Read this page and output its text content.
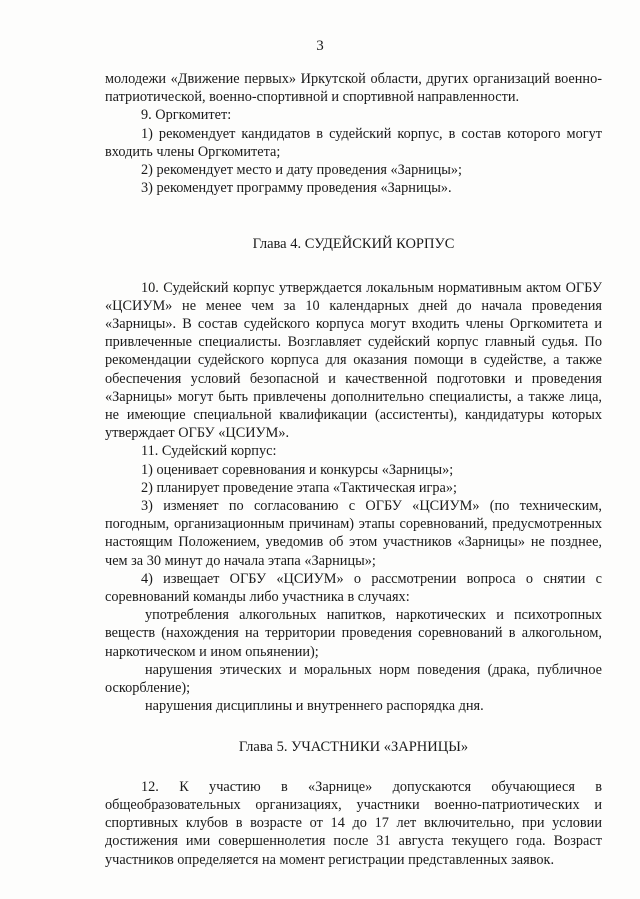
3

молодежи «Движение первых» Иркутской области, других организаций военно-патриотической, военно-спортивной и спортивной направленности.

9. Оргкомитет:

1) рекомендует кандидатов в судейский корпус, в состав которого могут входить члены Оргкомитета;

2) рекомендует место и дату проведения «Зарницы»;

3) рекомендует программу проведения «Зарницы».

Глава 4. СУДЕЙСКИЙ КОРПУС

10. Судейский корпус утверждается локальным нормативным актом ОГБУ «ЦСИУМ» не менее чем за 10 календарных дней до начала проведения «Зарницы». В состав судейского корпуса могут входить члены Оргкомитета и привлеченные специалисты. Возглавляет судейский корпус главный судья. По рекомендации судейского корпуса для оказания помощи в судействе, а также обеспечения условий безопасной и качественной подготовки и проведения «Зарницы» могут быть привлечены дополнительно специалисты, а также лица, не имеющие специальной квалификации (ассистенты), кандидатуры которых утверждает ОГБУ «ЦСИУМ».

11. Судейский корпус:

1) оценивает соревнования и конкурсы «Зарницы»;

2) планирует проведение этапа «Тактическая игра»;

3) изменяет по согласованию с ОГБУ «ЦСИУМ» (по техническим, погодным, организационным причинам) этапы соревнований, предусмотренных настоящим Положением, уведомив об этом участников «Зарницы» не позднее, чем за 30 минут до начала этапа «Зарницы»;

4) извещает ОГБУ «ЦСИУМ» о рассмотрении вопроса о снятии с соревнований команды либо участника в случаях:

употребления алкогольных напитков, наркотических и психотропных веществ (нахождения на территории проведения соревнований в алкогольном, наркотическом и ином опьянении);

нарушения этических и моральных норм поведения (драка, публичное оскорбление);

нарушения дисциплины и внутреннего распорядка дня.

Глава 5. УЧАСТНИКИ «ЗАРНИЦЫ»

12. К участию в «Зарнице» допускаются обучающиеся в общеобразовательных организациях, участники военно-патриотических и спортивных клубов в возрасте от 14 до 17 лет включительно, при условии достижения ими совершеннолетия после 31 августа текущего года. Возраст участников определяется на момент регистрации представленных заявок.
